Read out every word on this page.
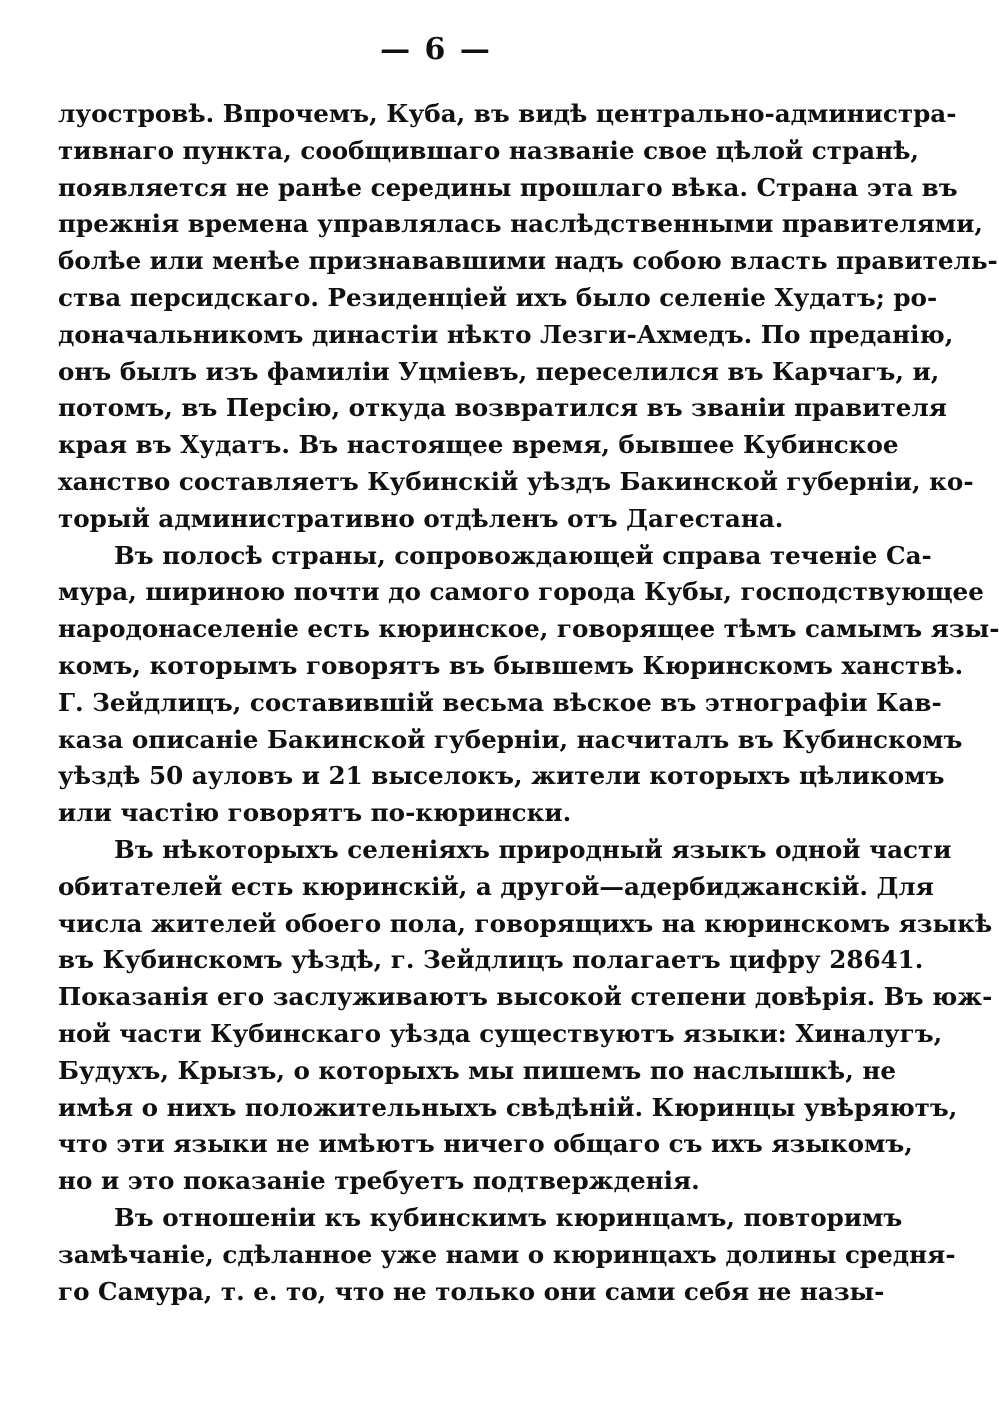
— 6 —
луостровѣ. Впрочемъ, Куба, въ видѣ центрально-администра-
тивнаго пункта, сообщившаго названіе свое цѣлой странѣ,
появляется не ранѣе середины прошлаго вѣка. Страна эта въ
прежнія времена управлялась наслѣдственными правителями,
болѣе или менѣе признававшими надъ собою власть правитель-
ства персидскаго. Резиденціей ихъ было селеніе Худатъ; ро-
доначальникомъ династіи нѣкто Лезги-Ахмедъ. По преданію,
онъ былъ изъ фамиліи Уцміевъ, переселился въ Карчагъ, и,
потомъ, въ Персію, откуда возвратился въ званіи правителя
края въ Худатъ. Въ настоящее время, бывшее Кубинское
ханство составляетъ Кубинскій уѣздъ Бакинской губерніи, ко-
торый административно отдѣленъ отъ Дагестана.
Въ полосѣ страны, сопровождающей справа теченіе Са-
мура, шириною почти до самого города Кубы, господствующее
народонаселеніе есть кюринское, говорящее тѣмъ самымъ язы-
комъ, которымъ говорятъ въ бывшемъ Кюринскомъ ханствѣ.
Г. Зейдлицъ, составившій весьма вѣское въ этнографіи Кав-
каза описаніе Бакинской губерніи, насчиталъ въ Кубинскомъ
уѣздѣ 50 ауловъ и 21 выселокъ, жители которыхъ цѣликомъ
или частію говорятъ по-кюрински.
Въ нѣкоторыхъ селеніяхъ природный языкъ одной части
обитателей есть кюринскій, а другой—адербиджанскій. Для
числа жителей обоего пола, говорящихъ на кюринскомъ языкѣ
въ Кубинскомъ уѣздѣ, г. Зейдлицъ полагаетъ цифру 28641.
Показанія его заслуживаютъ высокой степени довѣрія. Въ юж-
ной части Кубинскаго уѣзда существуютъ языки: Хиналугъ,
Будухъ, Крызъ, о которыхъ мы пишемъ по наслышкѣ, не
имѣя о нихъ положительныхъ свѣдѣній. Кюринцы увѣряютъ,
что эти языки не имѣютъ ничего общаго съ ихъ языкомъ,
но и это показаніе требуетъ подтвержденія.
Въ отношеніи къ кубинскимъ кюринцамъ, повторимъ
замѣчаніе, сдѣланное уже нами о кюринцахъ долины средня-
го Самура, т. е. то, что не только они сами себя не назы-
